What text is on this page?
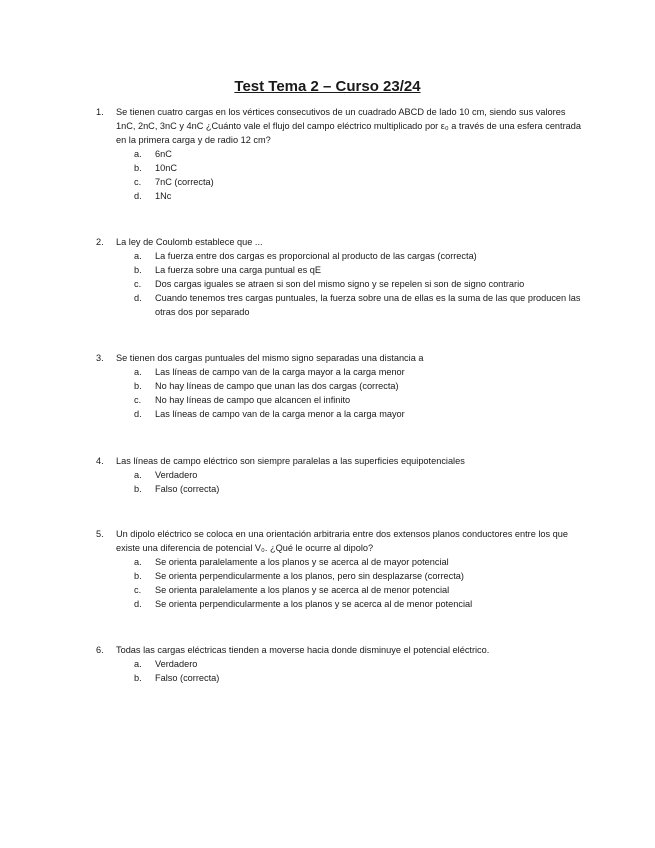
Test Tema 2 – Curso 23/24
1.	Se tienen cuatro cargas en los vértices consecutivos de un cuadrado ABCD de lado 10 cm, siendo sus valores 1nC, 2nC, 3nC y 4nC ¿Cuánto vale el flujo del campo eléctrico multiplicado por ε₀ a través de una esfera centrada en la primera carga y de radio 12 cm?
a.	6nC
b.	10nC
c.	7nC (correcta)
d.	1Nc
2.	La ley de Coulomb establece que ...
a.	La fuerza entre dos cargas es proporcional al producto de las cargas (correcta)
b.	La fuerza sobre una carga puntual es qE
c.	Dos cargas iguales se atraen si son del mismo signo y se repelen si son de signo contrario
d.	Cuando tenemos tres cargas puntuales, la fuerza sobre una de ellas es la suma de las que producen las otras dos por separado
3.	Se tienen dos cargas puntuales del mismo signo separadas una distancia a
a.	Las líneas de campo van de la carga mayor a la carga menor
b.	No hay líneas de campo que unan las dos cargas (correcta)
c.	No hay líneas de campo que alcancen el infinito
d.	Las líneas de campo van de la carga menor a la carga mayor
4.	Las líneas de campo eléctrico son siempre paralelas a las superficies equipotenciales
a.	Verdadero
b.	Falso (correcta)
5.	Un dipolo eléctrico se coloca en una orientación arbitraria entre dos extensos planos conductores entre los que existe una diferencia de potencial V₀. ¿Qué le ocurre al dipolo?
a.	Se orienta paralelamente a los planos y se acerca al de mayor potencial
b.	Se orienta perpendicularmente a los planos, pero sin desplazarse (correcta)
c.	Se orienta paralelamente a los planos y se acerca al de menor potencial
d.	Se orienta perpendicularmente a los planos y se acerca al de menor potencial
6.	Todas las cargas eléctricas tienden a moverse hacia donde disminuye el potencial eléctrico.
a.	Verdadero
b.	Falso (correcta)
